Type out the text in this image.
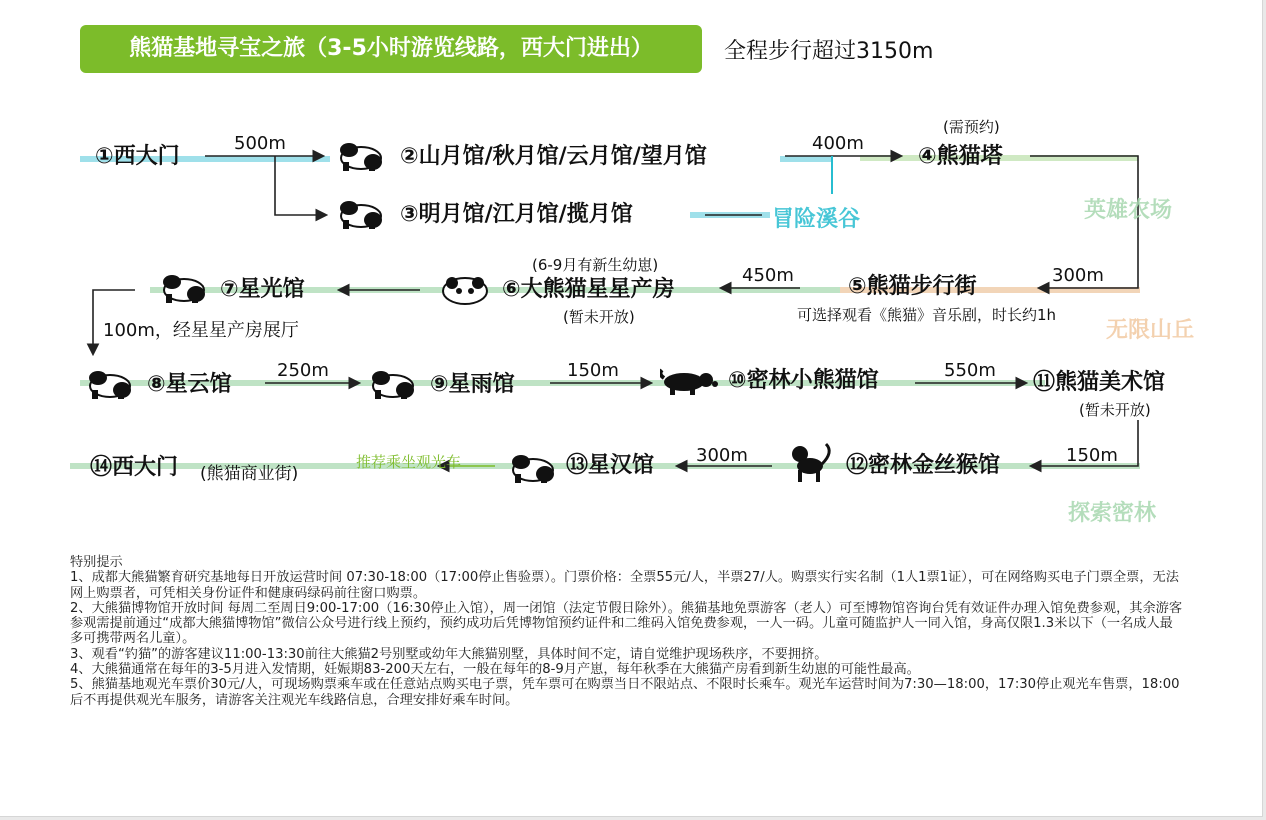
熊猫基地寻宝之旅（3-5小时游览线路，西大门进出）	全程步行超过3150m
①西大门	②山月馆/秋月馆/云月馆/望月馆
③明月馆/江月馆/揽月馆
④熊猫塔
⑤熊猫步行街
⑥大熊猫星星产房
⑦星光馆
⑧星云馆	⑨星雨馆	⑩密林小熊猫馆	⑪熊猫美术馆
⑫密林金丝猴馆
⑬星汉馆
⑭西大门
500m	400m
300m
450m
100m，经星星产房展厅
250m	150m	550m
150m
300m
(需预约)
(6-9月有新生幼崽)
(暂未开放)	可选择观看《熊猫》音乐剧，时长约1h
(暂未开放)
(熊猫商业街)
推荐乘坐观光车
冒险溪谷	英雄农场
无限山丘
探索密林

特别提示

1、成都大熊猫繁育研究基地每日开放运营时间 07:30-18:00（17:00停止售验票）。门票价格：全票55元/人，半票27/人。购票实行实名制（1人1票1证），可在网络购买电子门票全票，无法网上购票者，可凭相关身份证件和健康码绿码前往窗口购票。

2、大熊猫博物馆开放时间 每周二至周日9:00-17:00（16:30停止入馆），周一闭馆（法定节假日除外）。熊猫基地免票游客（老人）可至博物馆咨询台凭有效证件办理入馆免费参观，其余游客参观需提前通过“成都大熊猫博物馆”微信公众号进行线上预约，预约成功后凭博物馆预约证件和二维码入馆免费参观，一人一码。儿童可随监护人一同入馆，身高仅限1.3米以下（一名成人最多可携带两名儿童）。

3、观看“钓猫”的游客建议11:00-13:30前往大熊猫2号别墅或幼年大熊猫别墅，具体时间不定，请自觉维护现场秩序，不要拥挤。

4、大熊猫通常在每年的3-5月进入发情期，妊娠期83-200天左右，一般在每年的8-9月产崽，每年秋季在大熊猫产房看到新生幼崽的可能性最高。

5、熊猫基地观光车票价30元/人，可现场购票乘车或在任意站点购买电子票，凭车票可在购票当日不限站点、不限时长乘车。观光车运营时间为7:30—18:00，17:30停止观光车售票，18:00后不再提供观光车服务，请游客关注观光车线路信息，合理安排好乘车时间。
